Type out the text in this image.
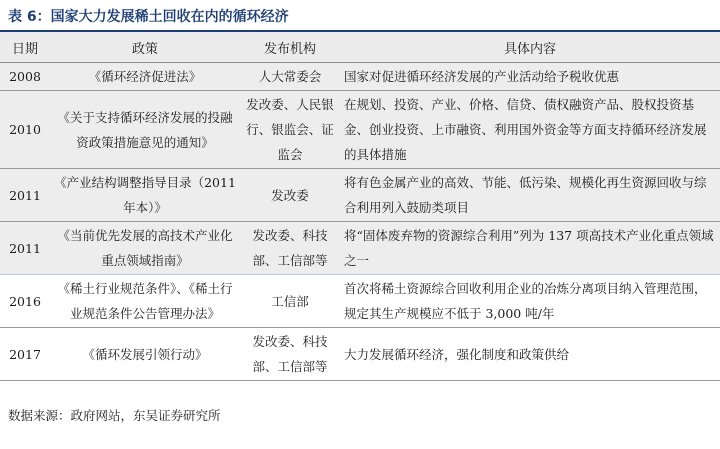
表 6：国家大力发展稀土回收在内的循环经济
日期	政策	发布机构	具体内容
2008	《循环经济促进法》	人大常委会	国家对促进循环经济发展的产业活动给予税收优惠
2010	《关于支持循环经济发展的投融资政策措施意见的通知》	发改委、人民银行、银监会、证监会	在规划、投资、产业、价格、信贷、债权融资产品、股权投资基金、创业投资、上市融资、利用国外资金等方面支持循环经济发展的具体措施
2011	《产业结构调整指导目录（2011 年本）》	发改委	将有色金属产业的高效、节能、低污染、规模化再生资源回收与综合利用列入鼓励类项目
2011	《当前优先发展的高技术产业化重点领域指南》	发改委、科技部、工信部等	将“固体废弃物的资源综合利用”列为 137 项高技术产业化重点领域之一
2016	《稀土行业规范条件》、《稀土行业规范条件公告管理办法》	工信部	首次将稀土资源综合回收利用企业的冶炼分离项目纳入管理范围，规定其生产规模应不低于 3,000 吨/年
2017	《循环发展引领行动》	发改委、科技部、工信部等	大力发展循环经济，强化制度和政策供给
数据来源：政府网站，东吴证券研究所
